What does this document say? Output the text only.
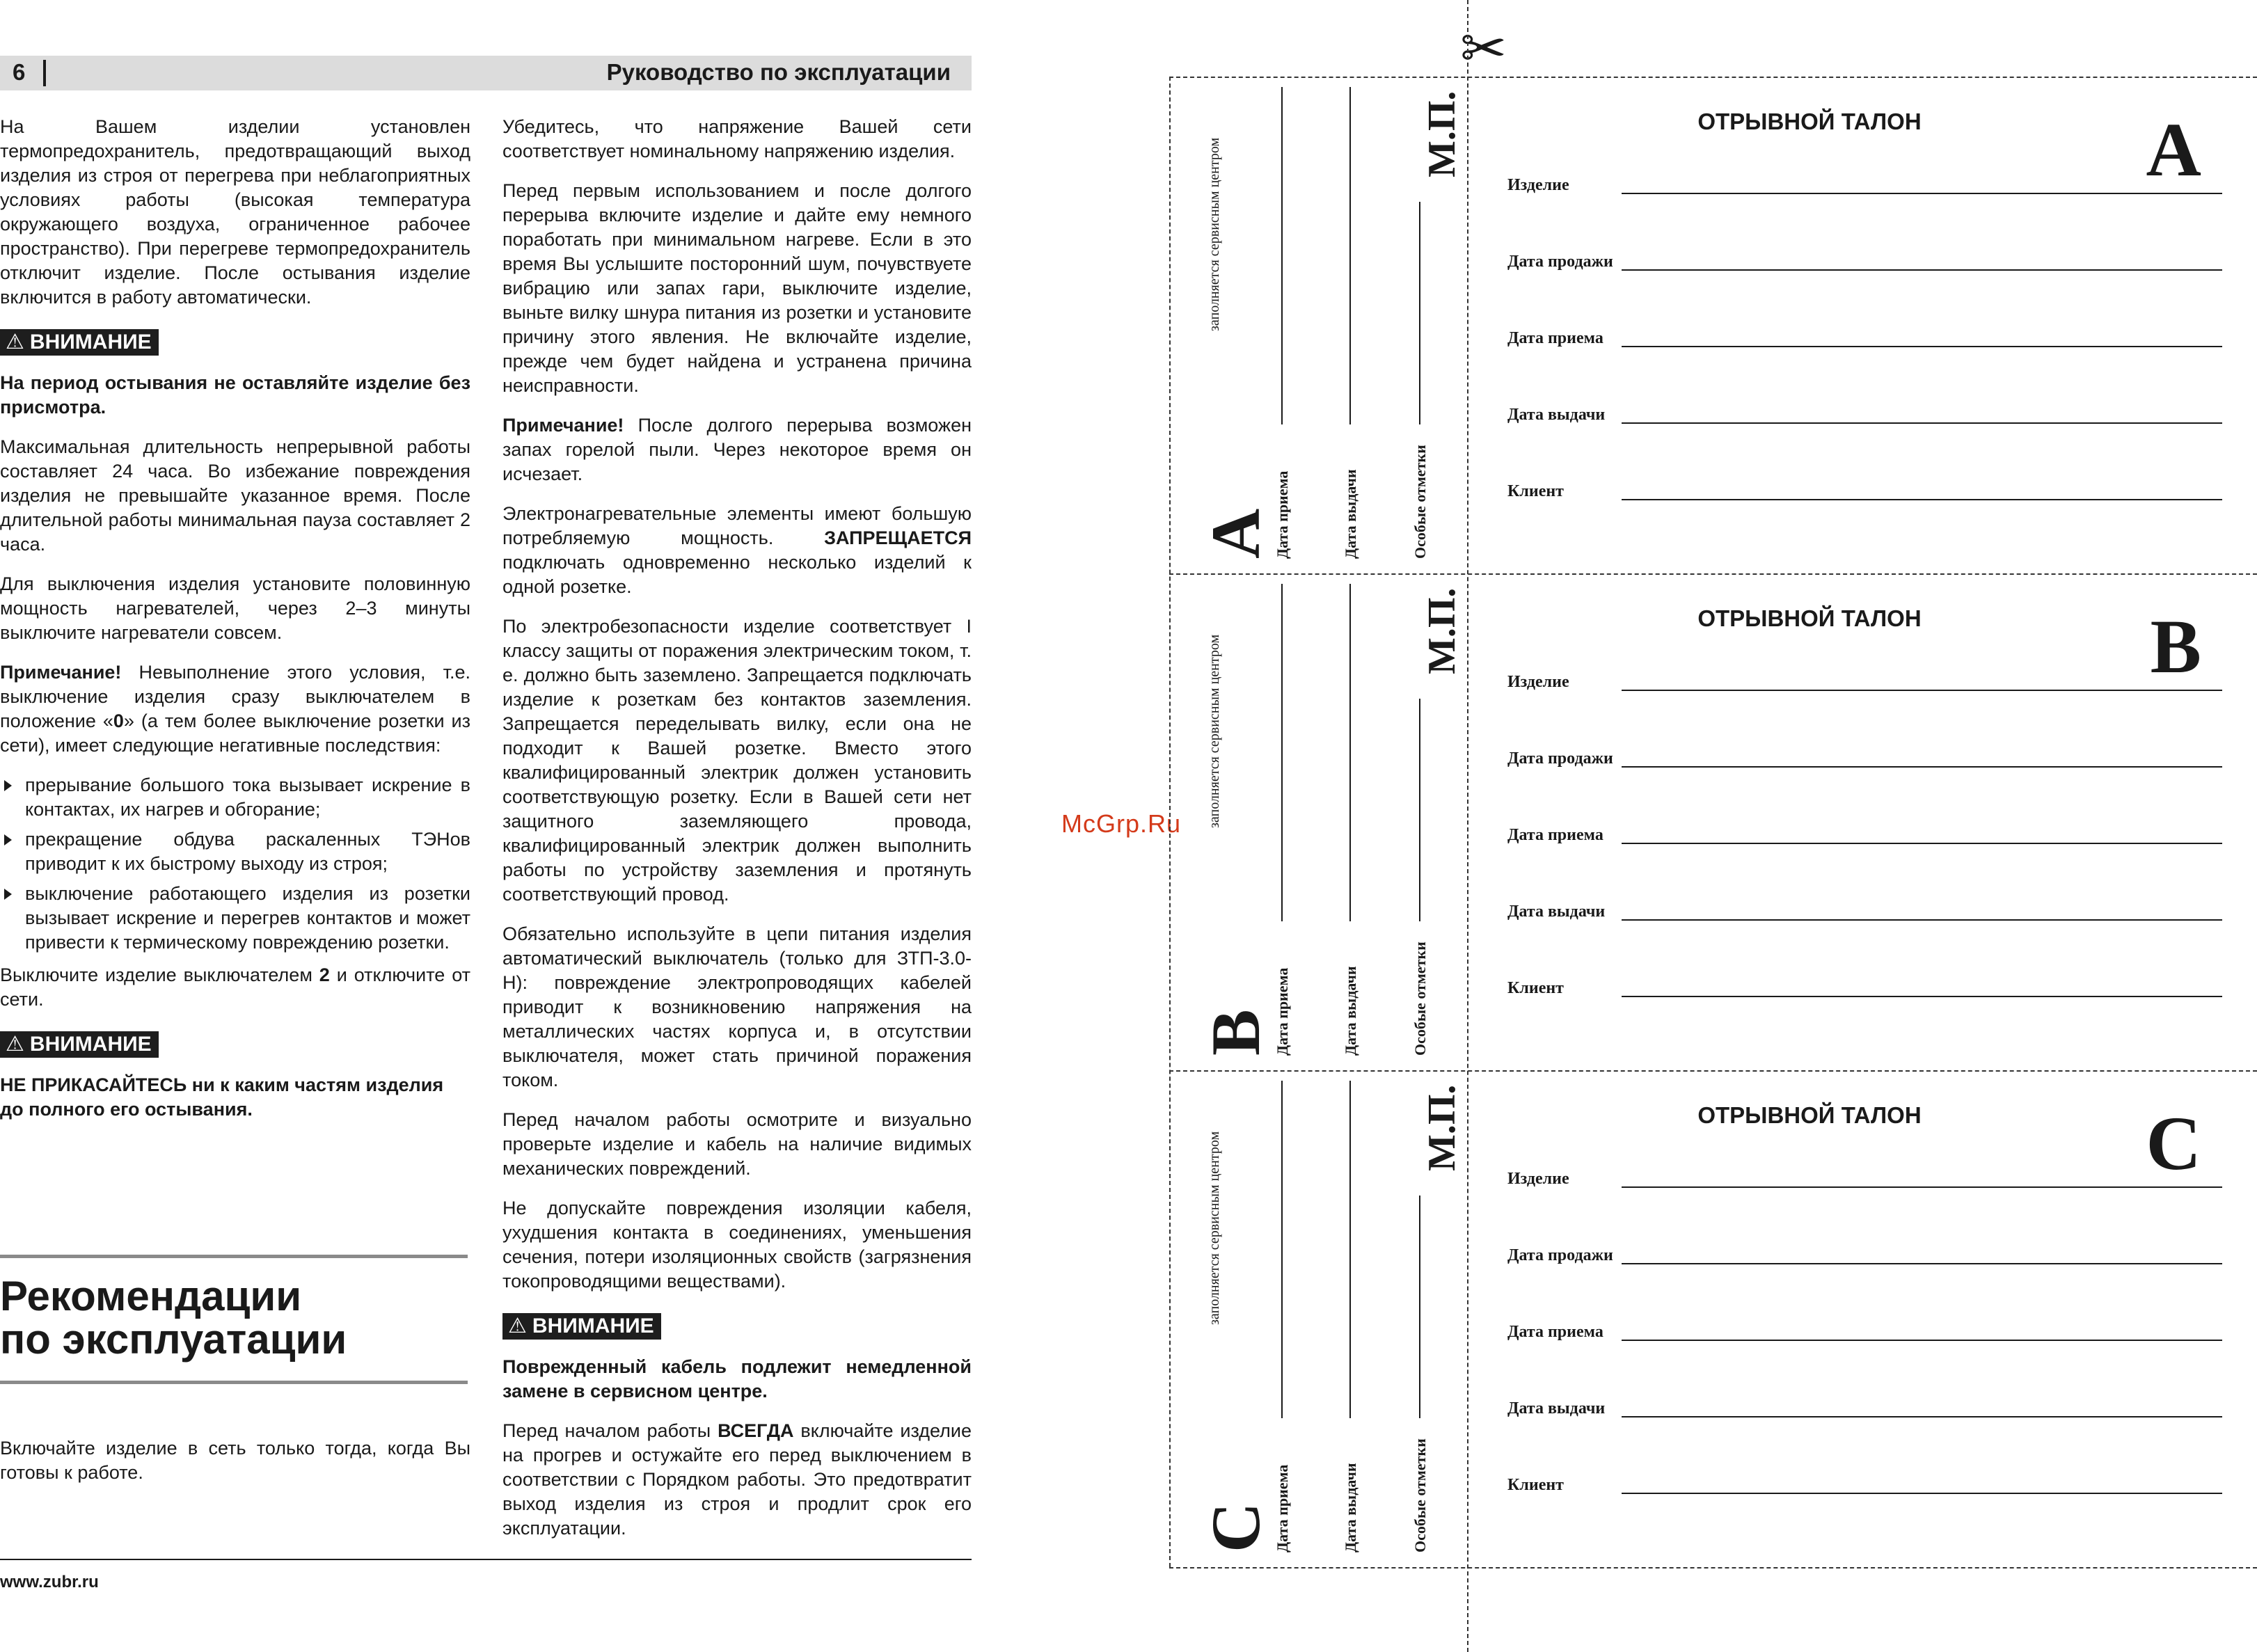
6	Руководство по эксплуатации

На Вашем изделии установлен термопредохранитель, предотвращающий выход изделия из строя от перегрева при неблагоприятных условиях работы (высокая температура окружающего воздуха, ограниченное рабочее пространство). При перегреве термопредохранитель отключит изделие. После остывания изделие включится в работу автоматически.

⚠ ВНИМАНИЕ

На период остывания не оставляйте изделие без присмотра.

Максимальная длительность непрерывной работы составляет 24 часа. Во избежание повреждения изделия не превышайте указанное время. После длительной работы минимальная пауза составляет 2 часа.

Для выключения изделия установите половинную мощность нагревателей, через 2–3 минуты выключите нагреватели совсем.

Примечание! Невыполнение этого условия, т.е. выключение изделия сразу выключателем в положение «0» (а тем более выключение розетки из сети), имеет следующие негативные последствия:

прерывание большого тока вызывает искрение в контактах, их нагрев и обгорание;
прекращение обдува раскаленных ТЭНов приводит к их быстрому выходу из строя;
выключение работающего изделия из розетки вызывает искрение и перегрев контактов и может привести к термическому повреждению розетки.

Выключите изделие выключателем 2 и отключите от сети.

⚠ ВНИМАНИЕ

НЕ ПРИКАСАЙТЕСЬ ни к каким частям изделия до полного его остывания.

Рекомендации
по эксплуатации

Включайте изделие в сеть только тогда, когда Вы готовы к работе.

Убедитесь, что напряжение Вашей сети соответствует номинальному напряжению изделия.

Перед первым использованием и после долгого перерыва включите изделие и дайте ему немного поработать при минимальном нагреве. Если в это время Вы услышите посторонний шум, почувствуете вибрацию или запах гари, выключите изделие, выньте вилку шнура питания из розетки и установите причину этого явления. Не включайте изделие, прежде чем будет найдена и устранена причина неисправности.

Примечание! После долгого перерыва возможен запах горелой пыли. Через некоторое время он исчезает.

Электронагревательные элементы имеют большую потребляемую мощность. ЗАПРЕЩАЕТСЯ подключать одновременно несколько изделий к одной розетке.

По электробезопасности изделие соответствует I классу защиты от поражения электрическим током, т. е. должно быть заземлено. Запрещается подключать изделие к розеткам без контактов заземления. Запрещается переделывать вилку, если она не подходит к Вашей розетке. Вместо этого квалифицированный электрик должен установить соответствующую розетку. Если в Вашей сети нет защитного заземляющего провода, квалифицированный электрик должен выполнить работы по устройству заземления и протянуть соответствующий провод.

Обязательно используйте в цепи питания изделия автоматический выключатель (только для ЗТП-3.0-Н): повреждение электропроводящих кабелей приводит к возникновению напряжения на металлических частях корпуса и, в отсутствии выключателя, может стать причиной поражения током.

Перед началом работы осмотрите и визуально проверьте изделие и кабель на наличие видимых механических повреждений.

Не допускайте повреждения изоляции кабеля, ухудшения контакта в соединениях, уменьшения сечения, потери изоляционных свойств (загрязнения токопроводящими веществами).

⚠ ВНИМАНИЕ

Поврежденный кабель подлежит немедленной замене в сервисном центре.

Перед началом работы ВСЕГДА включайте изделие на прогрев и остужайте его перед выключением в соответствии с Порядком работы. Это предотвратит выход изделия из строя и продлит срок его эксплуатации.

www.zubr.ru
McGrp.Ru
✂
A
заполняется сервисным центром
Дата приема	Дата выдачи	Особые отметки
М.П.	ОТРЫВНОЙ ТАЛОН	A
Изделие
Дата продажи
Дата приема
Дата выдачи
Клиент
B
заполняется сервисным центром
Дата приема	Дата выдачи	Особые отметки
М.П.	ОТРЫВНОЙ ТАЛОН	B
Изделие
Дата продажи
Дата приема
Дата выдачи
Клиент
C
заполняется сервисным центром
Дата приема	Дата выдачи	Особые отметки
М.П.	ОТРЫВНОЙ ТАЛОН	C
Изделие
Дата продажи
Дата приема
Дата выдачи
Клиент
